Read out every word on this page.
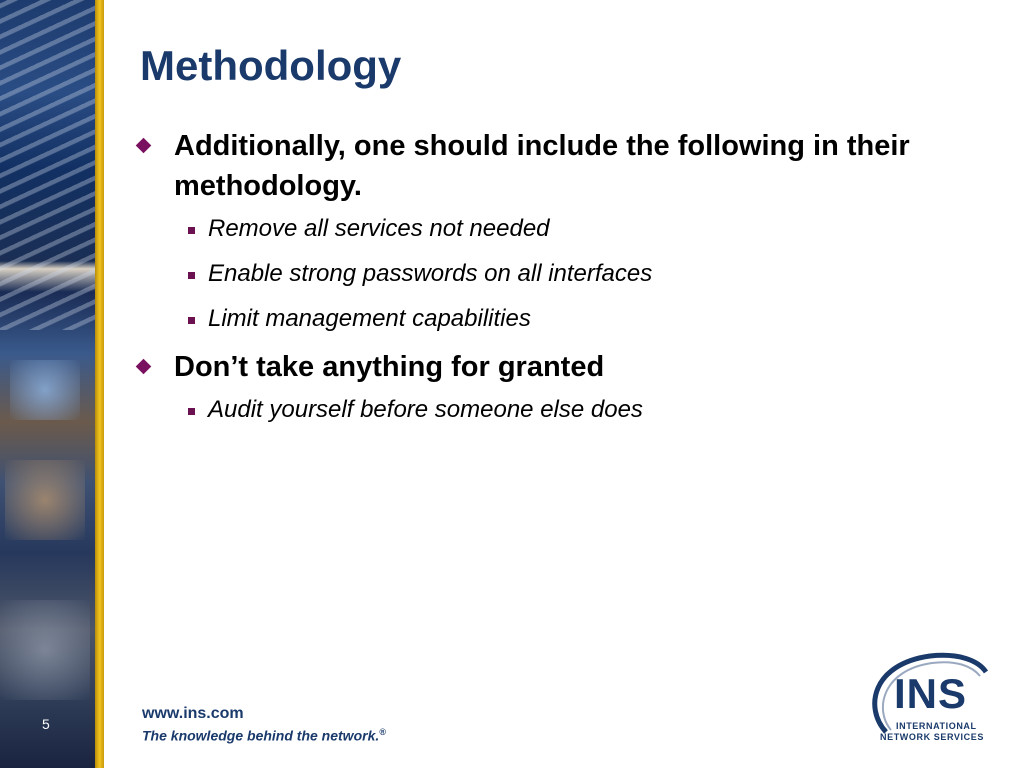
5
Methodology
Additionally, one should include the following in their methodology.
Remove all services not needed
Enable strong passwords on all interfaces
Limit management capabilities
Don’t take anything for granted
Audit yourself before someone else does
www.ins.com
The knowledge behind the network.®
INS
INTERNATIONAL
NETWORK SERVICES
